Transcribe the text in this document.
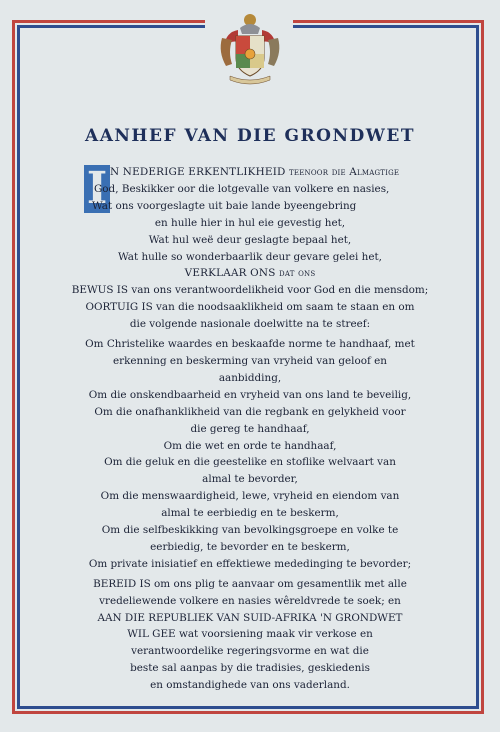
AANHEF VAN DIE GRONDWET
I N NEDERIGE ERKENTLIKHEID teenoor die Almagtige
God, Beskikker oor die lotgevalle van volkere en nasies,
Wat ons voorgeslagte uit baie lande byeengebring
en hulle hier in hul eie gevestig het,
Wat hul weë deur geslagte bepaal het,
Wat hulle so wonderbaarlik deur gevare gelei het,
VERKLAAR ONS dat ons
BEWUS IS van ons verantwoordelikheid voor God en die mensdom;
OORTUIG IS van die noodsaaklikheid om saam te staan en om
die volgende nasionale doelwitte na te streef:
Om Christelike waardes en beskaafde norme te handhaaf, met
erkenning en beskerming van vryheid van geloof en
aanbidding,
Om die onskendbaarheid en vryheid van ons land te beveilig,
Om die onafhanklikheid van die regbank en gelykheid voor
die gereg te handhaaf,
Om die wet en orde te handhaaf,
Om die geluk en die geestelike en stoflike welvaart van
almal te bevorder,
Om die menswaardigheid, lewe, vryheid en eiendom van
almal te eerbiedig en te beskerm,
Om die selfbeskikking van bevolkingsgroepe en volke te
eerbiedig, te bevorder en te beskerm,
Om private inisiatief en effektiewe mededinging te bevorder;
BEREID IS om ons plig te aanvaar om gesamentlik met alle
vredeliewende volkere en nasies wêreldvrede te soek; en
AAN DIE REPUBLIEK VAN SUID-AFRIKA 'N GRONDWET
WIL GEE wat voorsiening maak vir verkose en
verantwoordelike regeringsvorme en wat die
beste sal aanpas by die tradisies, geskiedenis
en omstandighede van ons vaderland.
